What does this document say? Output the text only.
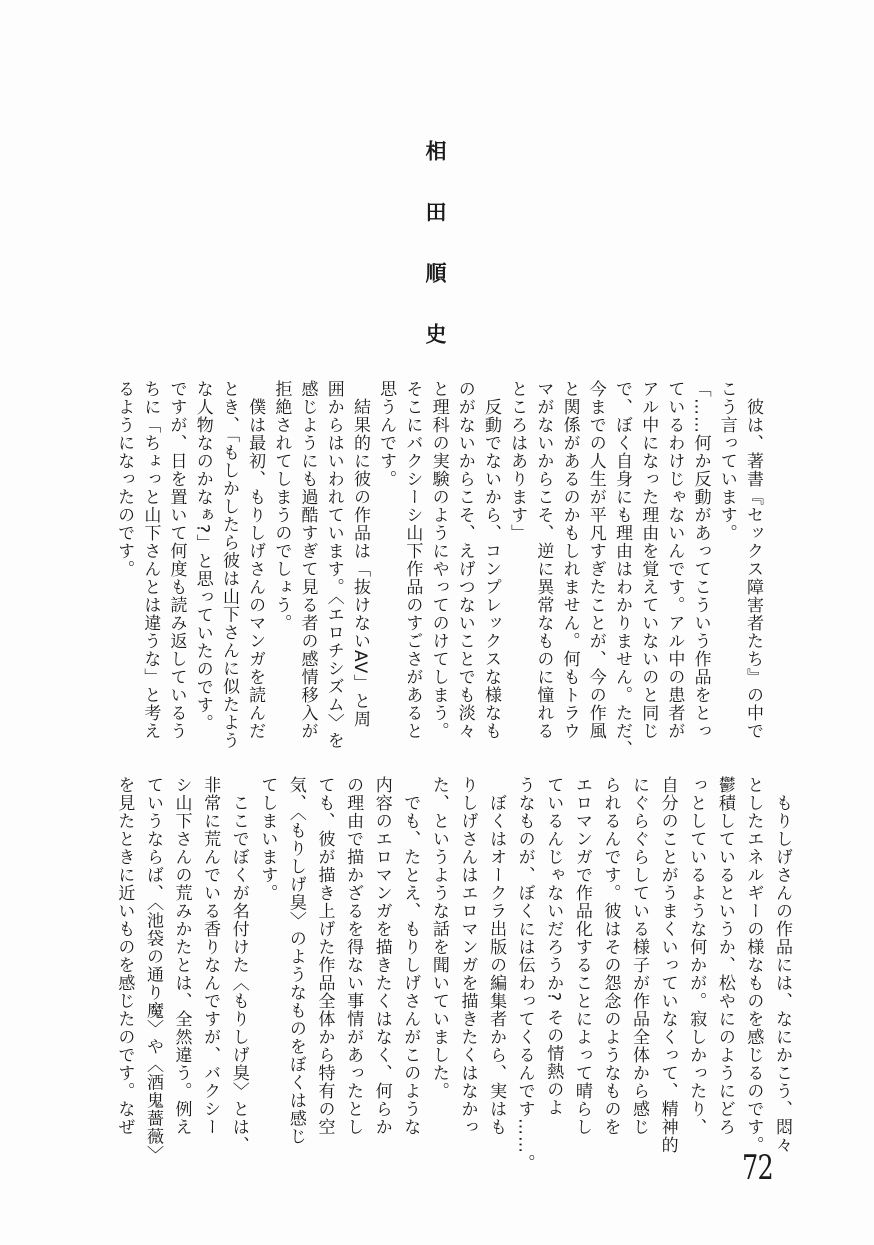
相田順史
　彼は、著書『セックス障害者たち』の中で
こう言っています。
「……何か反動があってこういう作品をとっ
ているわけじゃないんです。アル中の患者が
アル中になった理由を覚えていないのと同じ
で、ぼく自身にも理由はわかりません。ただ、
今までの人生が平凡すぎたことが、今の作風
と関係があるのかもしれません。何もトラウ
マがないからこそ、逆に異常なものに憧れる
ところはあります」
　反動でないから、コンプレックスな様なも
のがないからこそ、えげつないことでも淡々
と理科の実験のようにやってのけてしまう。
そこにバクシーシ山下作品のすごさがあると
思うんです。
　結果的に彼の作品は「抜けないAV」と周
囲からはいわれています。〈エロチシズム〉を
感じようにも過酷すぎて見る者の感情移入が
拒絶されてしまうのでしょう。
　僕は最初、もりしげさんのマンガを読んだ
とき、「もしかしたら彼は山下さんに似たよう
な人物なのかなぁ?」と思っていたのです。
ですが、日を置いて何度も読み返しているう
ちに「ちょっと山下さんとは違うな」と考え
るようになったのです。
　もりしげさんの作品には、なにかこう、悶々
としたエネルギーの様なものを感じるのです。
鬱積しているというか、松やにのようにどろ
っとしているような何かが。寂しかったり、
自分のことがうまくいっていなくって、精神的
にぐらぐらしている様子が作品全体から感じ
られるんです。彼はその怨念のようなものを
エロマンガで作品化することによって晴らし
ているんじゃないだろうか? その情熱のよ
うなものが、ぼくには伝わってくるんです……。
　ぼくはオークラ出版の編集者から、実はも
りしげさんはエロマンガを描きたくはなかっ
た、というような話を聞いていました。
　でも、たとえ、もりしげさんがこのような
内容のエロマンガを描きたくはなく、何らか
の理由で描かざるを得ない事情があったとし
ても、彼が描き上げた作品全体から特有の空
気、〈もりしげ臭〉のようなものをぼくは感じ
てしまいます。
　ここでぼくが名付けた〈もりしげ臭〉とは、
非常に荒んでいる香りなんですが、バクシー
シ山下さんの荒みかたとは、全然違う。例え
ていうならば、〈池袋の通り魔〉や〈酒鬼薔薇〉
を見たときに近いものを感じたのです。なぜ
72
